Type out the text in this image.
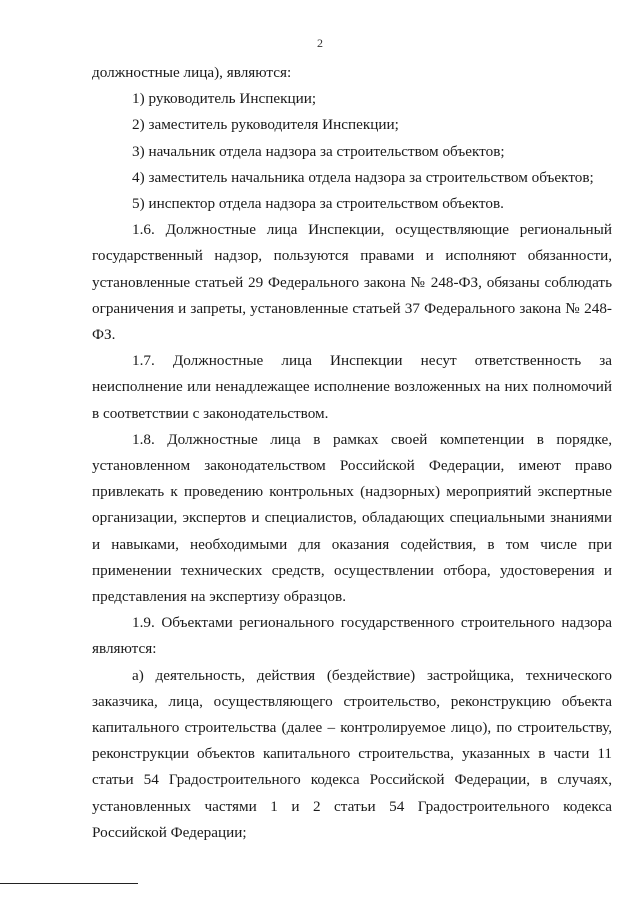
2

должностные лица), являются:

1) руководитель Инспекции;

2) заместитель руководителя Инспекции;

3) начальник отдела надзора за строительством объектов;

4) заместитель начальника отдела надзора за строительством объектов;

5) инспектор отдела надзора за строительством объектов.

1.6. Должностные лица Инспекции, осуществляющие региональный государственный надзор, пользуются правами и исполняют обязанности, установленные статьей 29 Федерального закона № 248-ФЗ, обязаны соблюдать ограничения и запреты, установленные статьей 37 Федерального закона № 248-ФЗ.

1.7. Должностные лица Инспекции несут ответственность за неисполнение или ненадлежащее исполнение возложенных на них полномочий в соответствии с законодательством.

1.8. Должностные лица в рамках своей компетенции в порядке, установленном законодательством Российской Федерации, имеют право привлекать к проведению контрольных (надзорных) мероприятий экспертные организации, экспертов и специалистов, обладающих специальными знаниями и навыками, необходимыми для оказания содействия, в том числе при применении технических средств, осуществлении отбора, удостоверения и представления на экспертизу образцов.

1.9. Объектами регионального государственного строительного надзора являются:

а) деятельность, действия (бездействие) застройщика, технического заказчика, лица, осуществляющего строительство, реконструкцию объекта капитального строительства (далее – контролируемое лицо), по строительству, реконструкции объектов капитального строительства, указанных в части 11 статьи 54 Градостроительного кодекса Российской Федерации, в случаях, установленных частями 1 и 2 статьи 54 Градостроительного кодекса Российской Федерации;
